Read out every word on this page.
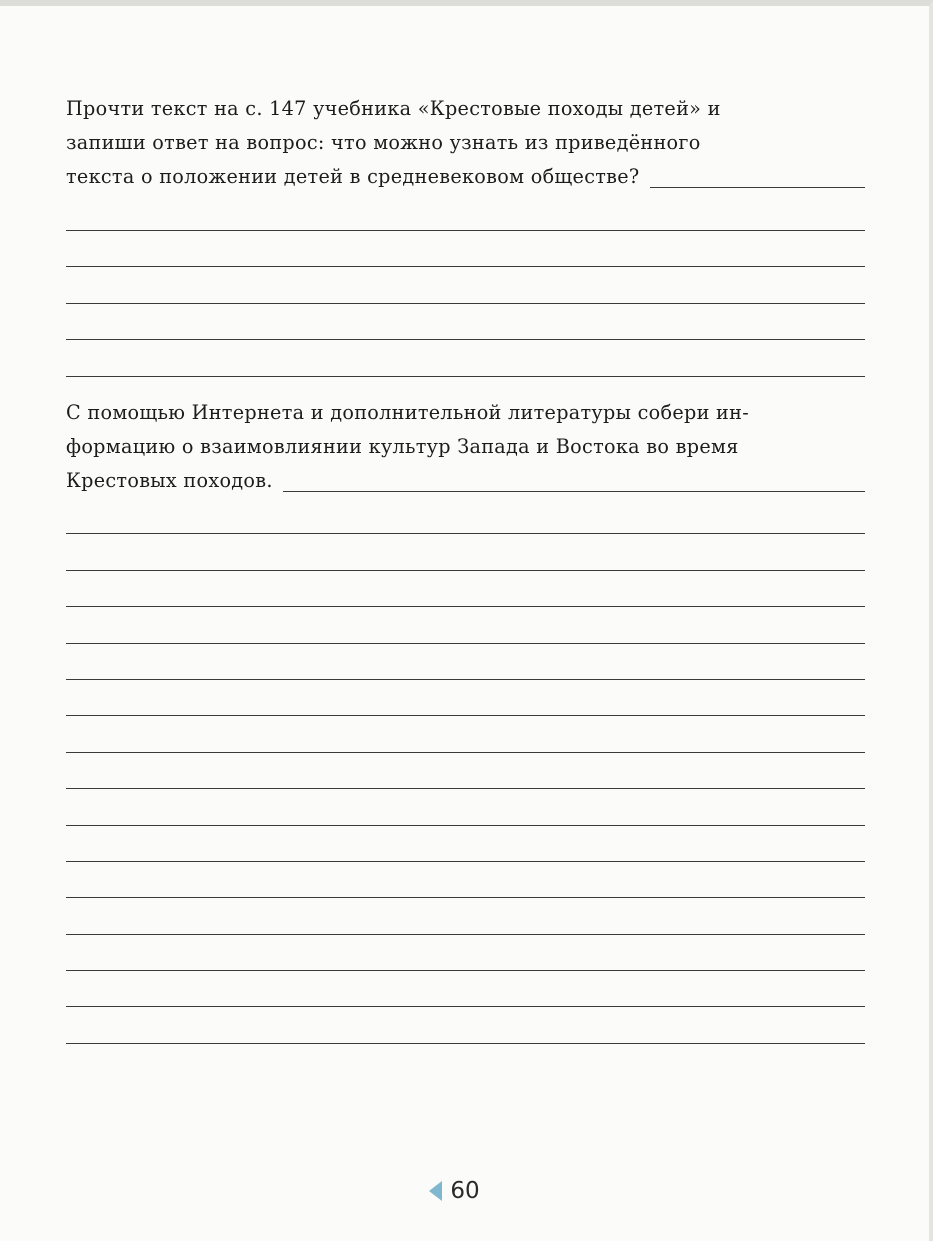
Прочти текст на с. 147 учебника «Крестовые походы детей» и
запиши ответ на вопрос: что можно узнать из приведённого

текста о положении детей в средневековом обществе?

С помощью Интернета и дополнительной литературы собери ин-
формацию о взаимовлиянии культур Запада и Востока во время

Крестовых походов.
60
